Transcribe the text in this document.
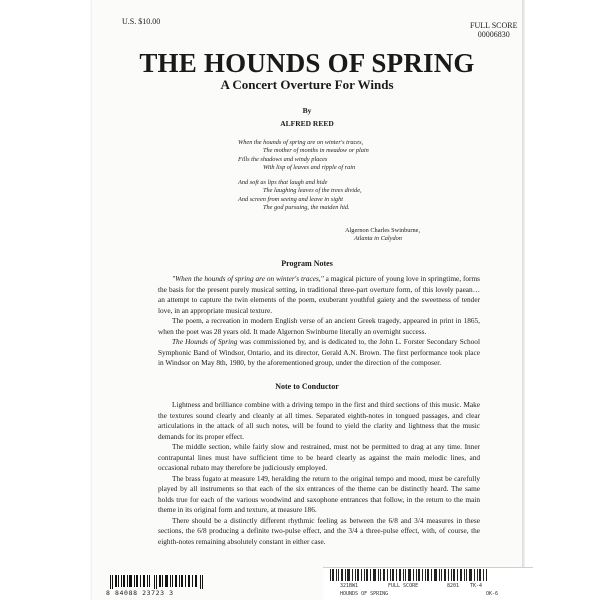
U.S. $10.00	FULL SCORE
00006830
THE HOUNDS OF SPRING
A Concert Overture For Winds
By
ALFRED REED
When the hounds of spring are on winter's traces,
The mother of months in meadow or plain
Fills the shadows and windy places
With lisp of leaves and ripple of rain
And soft as lips that laugh and hide
The laughing leaves of the trees divide,
And screen from seeing and leave in sight
The god pursuing, the maiden hid.
Algernon Charles Swinburne,
Atlanta in Calydon
Program Notes

"When the hounds of spring are on winter's traces," a magical picture of young love in springtime, forms the basis for the present purely musical setting, in traditional three-part overture form, of this lovely paean… an attempt to capture the twin elements of the poem, exuberant youthful gaiety and the sweetness of tender love, in an appropriate musical texture.

The poem, a recreation in modern English verse of an ancient Greek tragedy, appeared in print in 1865, when the poet was 28 years old. It made Algernon Swinburne literally an overnight success.

The Hounds of Spring was commissioned by, and is dedicated to, the John L. Forster Secondary School Symphonic Band of Windsor, Ontario, and its director, Gerald A.N. Brown. The first performance took place in Windsor on May 8th, 1980, by the aforementioned group, under the direction of the composer.

Note to Conductor

Lightness and brilliance combine with a driving tempo in the first and third sections of this music. Make the textures sound clearly and cleanly at all times. Separated eighth-notes in tongued passages, and clear articulations in the attack of all such notes, will be found to yield the clarity and lightness that the music demands for its proper effect.

The middle section, while fairly slow and restrained, must not be permitted to drag at any time. Inner contrapuntal lines must have sufficient time to be heard clearly as against the main melodic lines, and occasional rubato may therefore be judiciously employed.

The brass fugato at measure 149, heralding the return to the original tempo and mood, must be carefully played by all instruments so that each of the six entrances of the theme can be distinctly heard. The same holds true for each of the various woodwind and saxophone entrances that follow, in the return to the main theme in its original form and texture, at measure 186.

There should be a distinctly different rhythmic feeling as between the 6/8 and 3/4 measures in these sections, the 6/8 producing a definite two-pulse effect, and the 3/4 a three-pulse effect, with, of course, the eighth-notes remaining absolutely constant in either case.

8 84088 23723 3
321BW1	FULL SCORE	8201 TK-4
HOUNDS OF SPRING	OK-6
